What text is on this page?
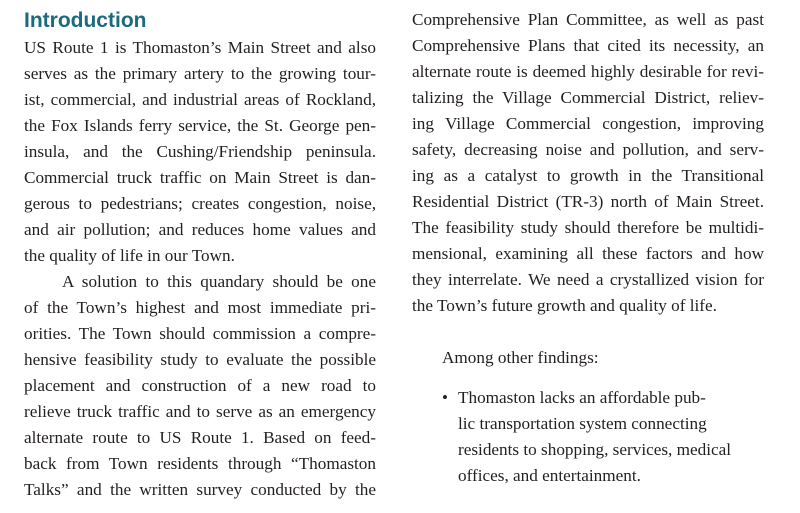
Introduction

US Route 1 is Thomaston’s Main Street and also

serves as the primary artery to the growing tour-

ist, commercial, and industrial areas of Rockland,

the Fox Islands ferry service, the St. George pen-

insula, and the Cushing/Friendship peninsula.

Commercial truck traffic on Main Street is dan-

gerous to pedestrians; creates congestion, noise,

and air pollution; and reduces home values and

the quality of life in our Town.

A solution to this quandary should be one

of the Town’s highest and most immediate pri-

orities. The Town should commission a compre-

hensive feasibility study to evaluate the possible

placement and construction of a new road to

relieve truck traffic and to serve as an emergency

alternate route to US Route 1. Based on feed-

back from Town residents through “Thomaston

Talks” and the written survey conducted by the

Comprehensive Plan Committee, as well as past

Comprehensive Plans that cited its necessity, an

alternate route is deemed highly desirable for revi-

talizing the Village Commercial District, reliev-

ing Village Commercial congestion, improving

safety, decreasing noise and pollution, and serv-

ing as a catalyst to growth in the Transitional

Residential District (TR-3) north of Main Street.

The feasibility study should therefore be multidi-

mensional, examining all these factors and how

they interrelate. We need a crystallized vision for

the Town’s future growth and quality of life.

Among other findings:

• Thomaston lacks an affordable pub-

lic transportation system connecting

residents to shopping, services, medical

offices, and entertainment.
